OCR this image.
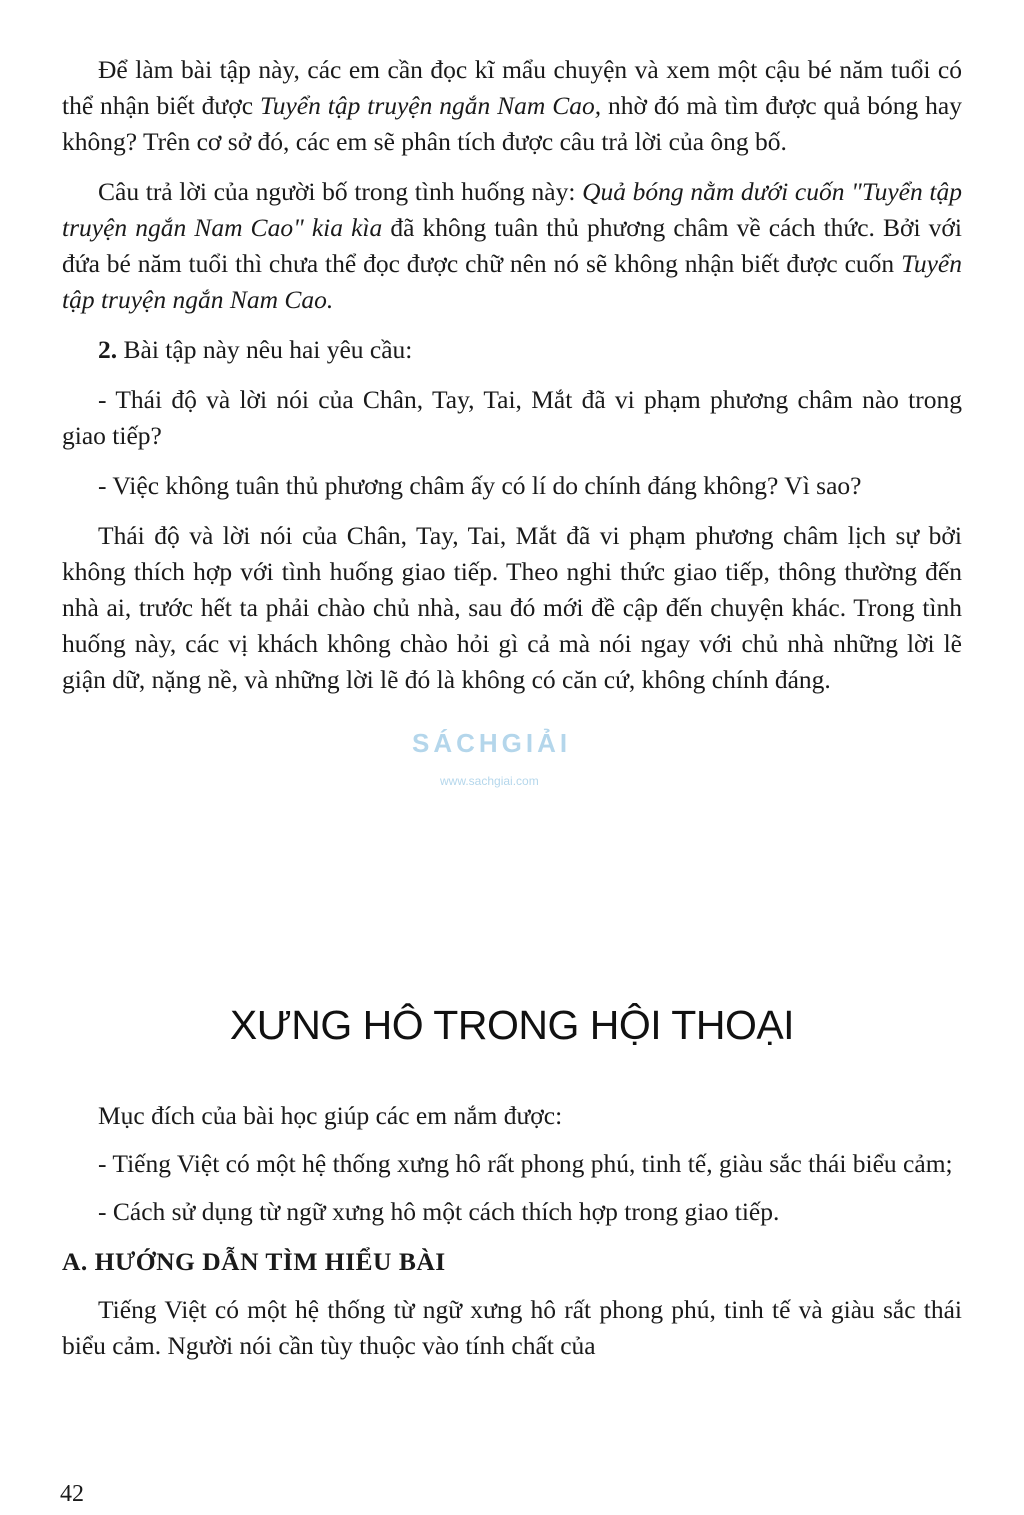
Để làm bài tập này, các em cần đọc kĩ mẩu chuyện và xem một cậu bé năm tuổi có thể nhận biết được Tuyển tập truyện ngắn Nam Cao, nhờ đó mà tìm được quả bóng hay không? Trên cơ sở đó, các em sẽ phân tích được câu trả lời của ông bố.

Câu trả lời của người bố trong tình huống này: Quả bóng nằm dưới cuốn "Tuyển tập truyện ngắn Nam Cao" kia kìa đã không tuân thủ phương châm về cách thức. Bởi với đứa bé năm tuổi thì chưa thể đọc được chữ nên nó sẽ không nhận biết được cuốn Tuyển tập truyện ngắn Nam Cao.

2. Bài tập này nêu hai yêu cầu:

- Thái độ và lời nói của Chân, Tay, Tai, Mắt đã vi phạm phương châm nào trong giao tiếp?

- Việc không tuân thủ phương châm ấy có lí do chính đáng không? Vì sao?

Thái độ và lời nói của Chân, Tay, Tai, Mắt đã vi phạm phương châm lịch sự bởi không thích hợp với tình huống giao tiếp. Theo nghi thức giao tiếp, thông thường đến nhà ai, trước hết ta phải chào chủ nhà, sau đó mới đề cập đến chuyện khác. Trong tình huống này, các vị khách không chào hỏi gì cả mà nói ngay với chủ nhà những lời lẽ giận dữ, nặng nề, và những lời lẽ đó là không có căn cứ, không chính đáng.

SÁCHGIẢI
www.sachgiai.com
XƯNG HÔ TRONG HỘI THOẠI

Mục đích của bài học giúp các em nắm được:

- Tiếng Việt có một hệ thống xưng hô rất phong phú, tinh tế, giàu sắc thái biểu cảm;

- Cách sử dụng từ ngữ xưng hô một cách thích hợp trong giao tiếp.

A. HƯỚNG DẪN TÌM HIỂU BÀI

Tiếng Việt có một hệ thống từ ngữ xưng hô rất phong phú, tinh tế và giàu sắc thái biểu cảm. Người nói cần tùy thuộc vào tính chất của

42
